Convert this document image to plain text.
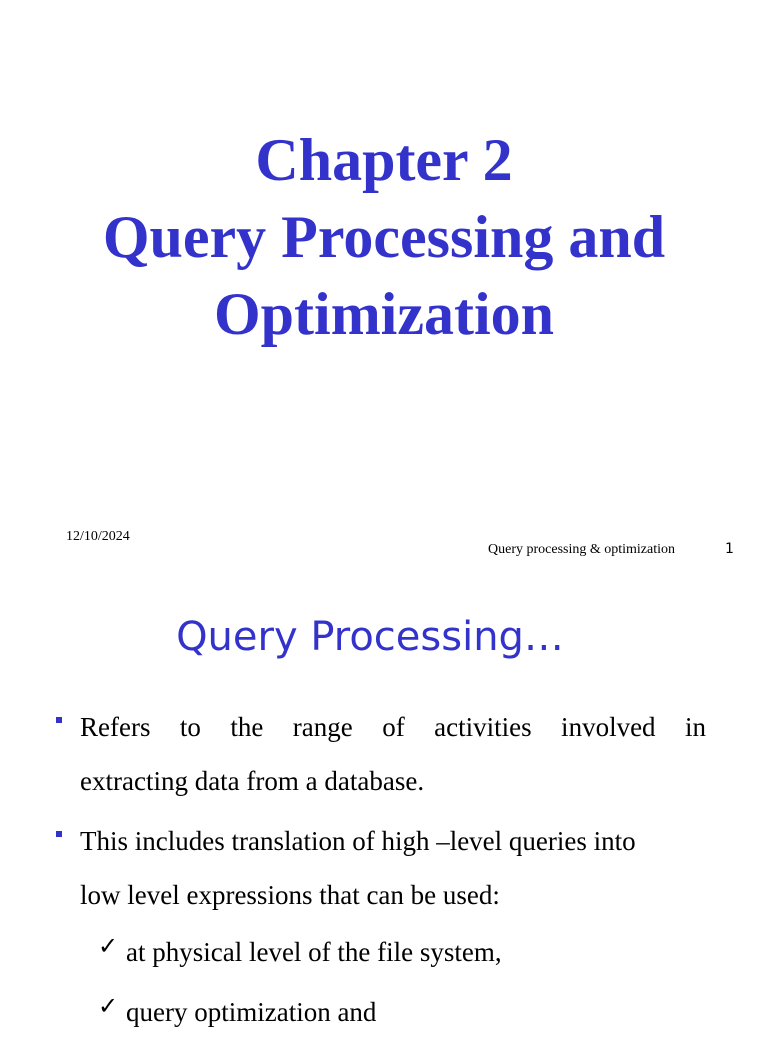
Chapter 2
Query Processing and
Optimization
12/10/2024
Query processing & optimization	1
Query Processing…
Refers to the range of activities involved in
extracting data from a database.
This includes translation of high –level queries into
low level expressions that can be used:
✓ at physical level of the file system,
✓ query optimization and
